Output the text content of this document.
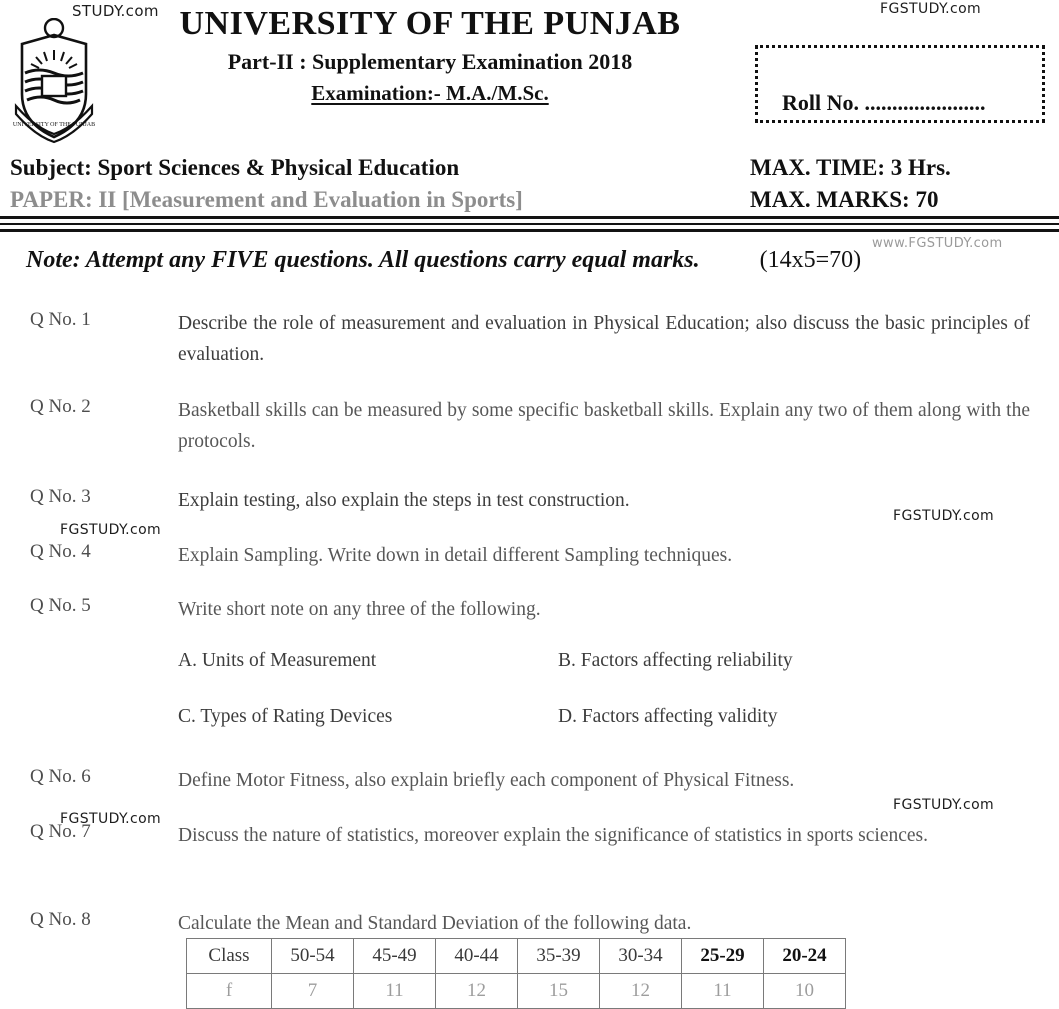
STUDY.com	FGSTUDY.com
www.FGSTUDY.com
FGSTUDY.com
FGSTUDY.com
FGSTUDY.com
FGSTUDY.com
UNIVERSITY OF THE PUNJAB
UNIVERSITY OF THE PUNJAB
Part-II : Supplementary Examination 2018
Examination:- M.A./M.Sc.	Roll No. ......................
Subject: Sport Sciences & Physical Education
PAPER: II [Measurement and Evaluation in Sports]
MAX. TIME: 3 Hrs.
MAX. MARKS: 70
Note: Attempt any FIVE questions. All questions carry equal marks.	(14x5=70)
Q No. 1	Describe the role of measurement and evaluation in Physical Education; also discuss the basic principles of evaluation.
Q No. 2	Basketball skills can be measured by some specific basketball skills. Explain any two of them along with the protocols.
Q No. 3	Explain testing, also explain the steps in test construction.
Q No. 4	Explain Sampling. Write down in detail different Sampling techniques.
Q No. 5	Write short note on any three of the following.
A. Units of Measurement	B. Factors affecting reliability
C. Types of Rating Devices	D. Factors affecting validity
Q No. 6	Define Motor Fitness, also explain briefly each component of Physical Fitness.
Q No. 7	Discuss the nature of statistics, moreover explain the significance of statistics in sports sciences.
Q No. 8	Calculate the Mean and Standard Deviation of the following data.
Class	50-54	45-49	40-44	35-39	30-34	25-29	20-24
f	7	11	12	15	12	11	10
